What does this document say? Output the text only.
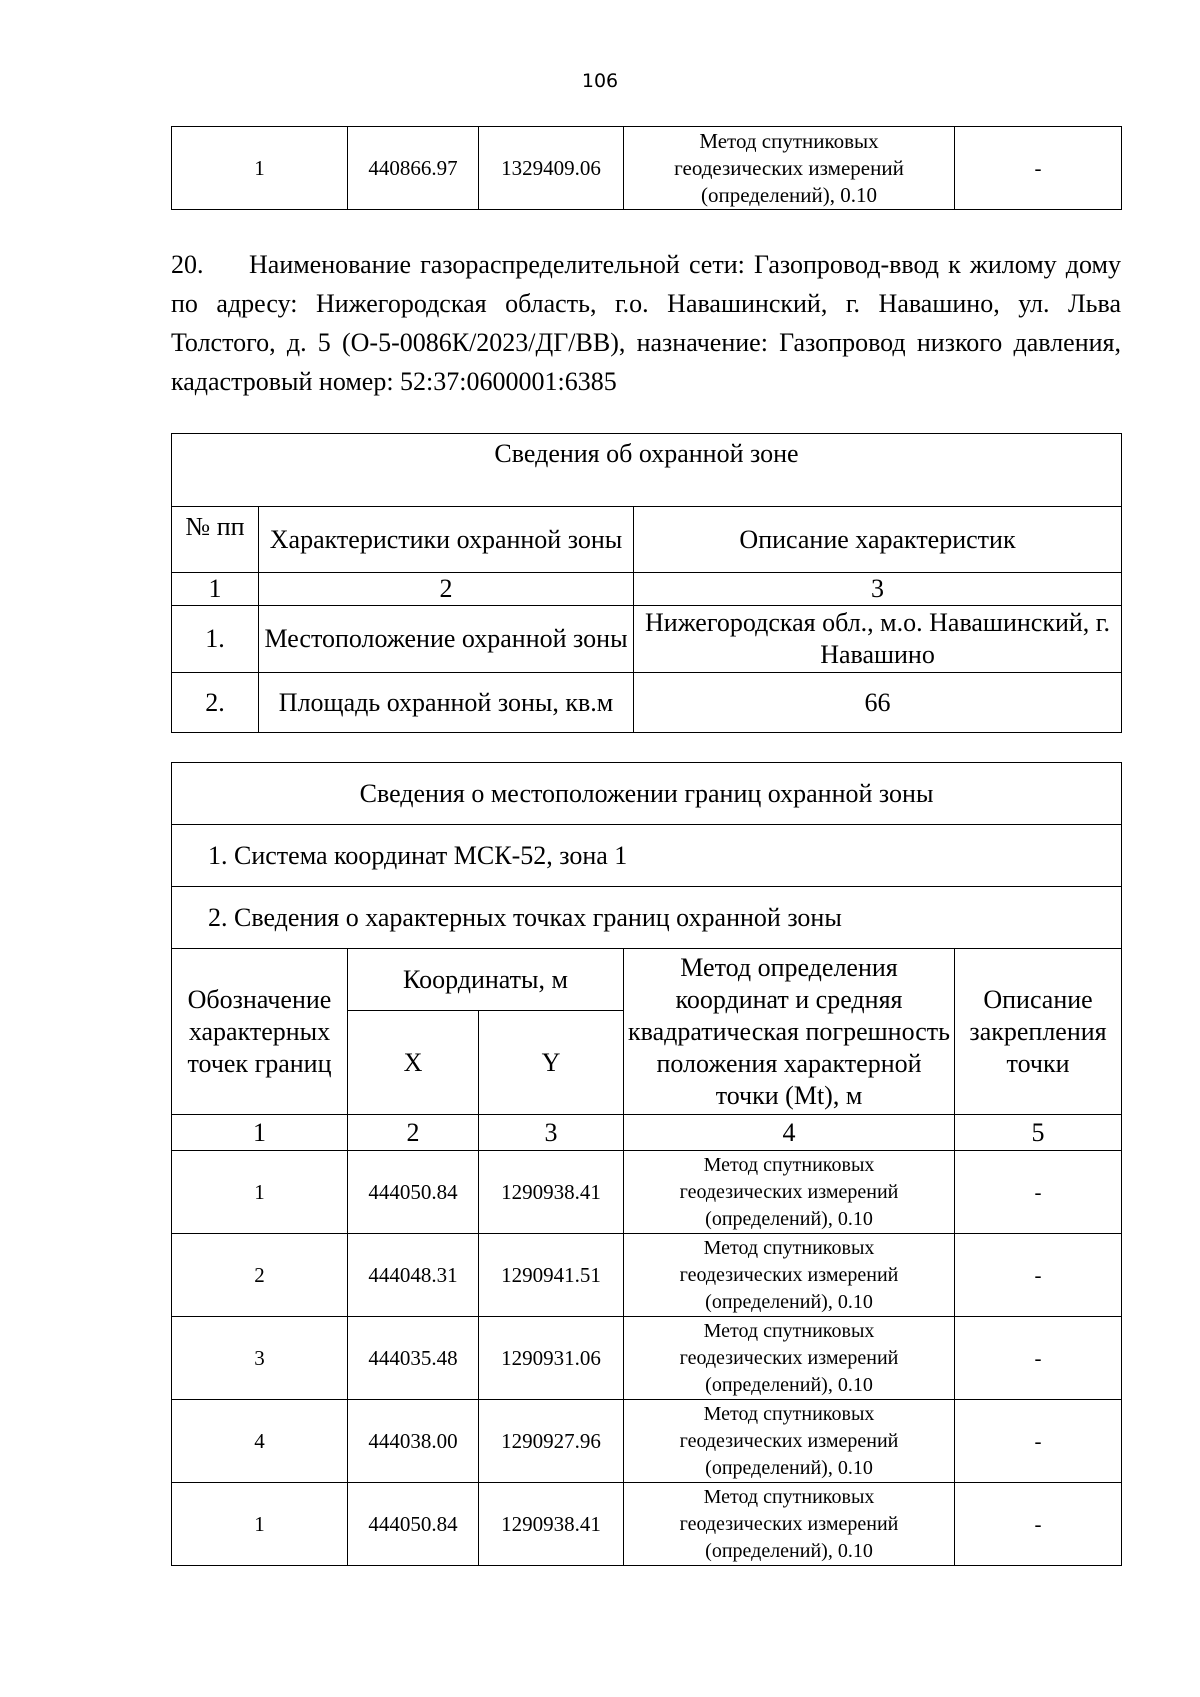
106
1	440866.97	1329409.06	Метод спутниковых
геодезических измерений
(определений), 0.10	-

20. Наименование газораспределительной сети: Газопровод-ввод к жилому дому по адресу: Нижегородская область, г.о. Навашинский, г. Навашино, ул. Льва Толстого, д. 5 (О-5-0086К/2023/ДГ/ВВ), назначение: Газопровод низкого давления, кадастровый номер: 52:37:0600001:6385

Сведения об охранной зоне		
№ пп	Характеристики охранной зоны	Описание характеристик
1	2	3
1.	Местоположение охранной зоны	Нижегородская обл., м.о. Навашинский, г. Навашино
2.	Площадь охранной зоны, кв.м	66
Сведения о местоположении границ охранной зоны				
1. Система координат МСК-52, зона 1				
2. Сведения о характерных точках границ охранной зоны				
Обозначение характерных точек границ	Координаты, м		Метод определения координат и средняя квадратическая погрешность положения характерной точки (Mt), м	Описание закрепления точки
	X	Y		
1	2	3	4	5
1	444050.84	1290938.41	Метод спутниковых
геодезических измерений
(определений), 0.10	-
2	444048.31	1290941.51	Метод спутниковых
геодезических измерений
(определений), 0.10	-
3	444035.48	1290931.06	Метод спутниковых
геодезических измерений
(определений), 0.10	-
4	444038.00	1290927.96	Метод спутниковых
геодезических измерений
(определений), 0.10	-
1	444050.84	1290938.41	Метод спутниковых
геодезических измерений
(определений), 0.10	-
